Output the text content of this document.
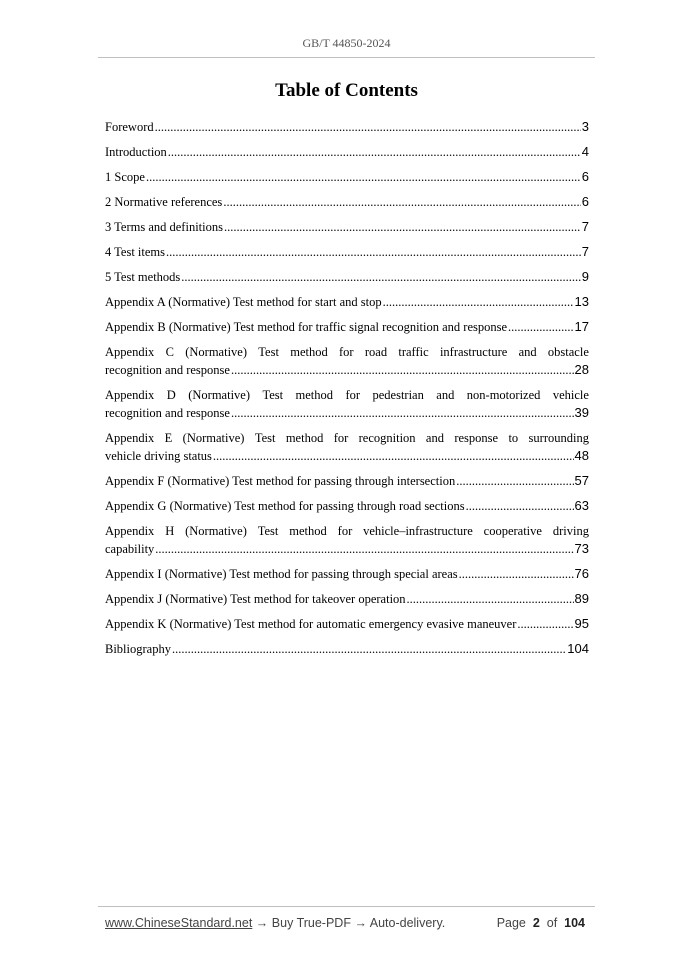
GB/T 44850-2024
Table of Contents
Foreword .....	3
Introduction .....	4
1 Scope .....	6
2 Normative references .....	6
3 Terms and definitions .....	7
4 Test items .....	7
5 Test methods .....	9
Appendix A (Normative) Test method for start and stop .....	13
Appendix B (Normative) Test method for traffic signal recognition and response .....	17
Appendix C (Normative) Test method for road traffic infrastructure and obstacle
recognition and response .....	28
Appendix D (Normative) Test method for pedestrian and non-motorized vehicle
recognition and response .....	39
Appendix E (Normative) Test method for recognition and response to surrounding
vehicle driving status .....	48
Appendix F (Normative) Test method for passing through intersection .....	57
Appendix G (Normative) Test method for passing through road sections .....	63
Appendix H (Normative) Test method for vehicle–infrastructure cooperative driving
capability .....	73
Appendix I (Normative) Test method for passing through special areas .....	76
Appendix J (Normative) Test method for takeover operation .....	89
Appendix K (Normative) Test method for automatic emergency evasive maneuver .....	95
Bibliography .....	104
www.ChineseStandard.net → Buy True-PDF → Auto-delivery.	Page 2 of 104
